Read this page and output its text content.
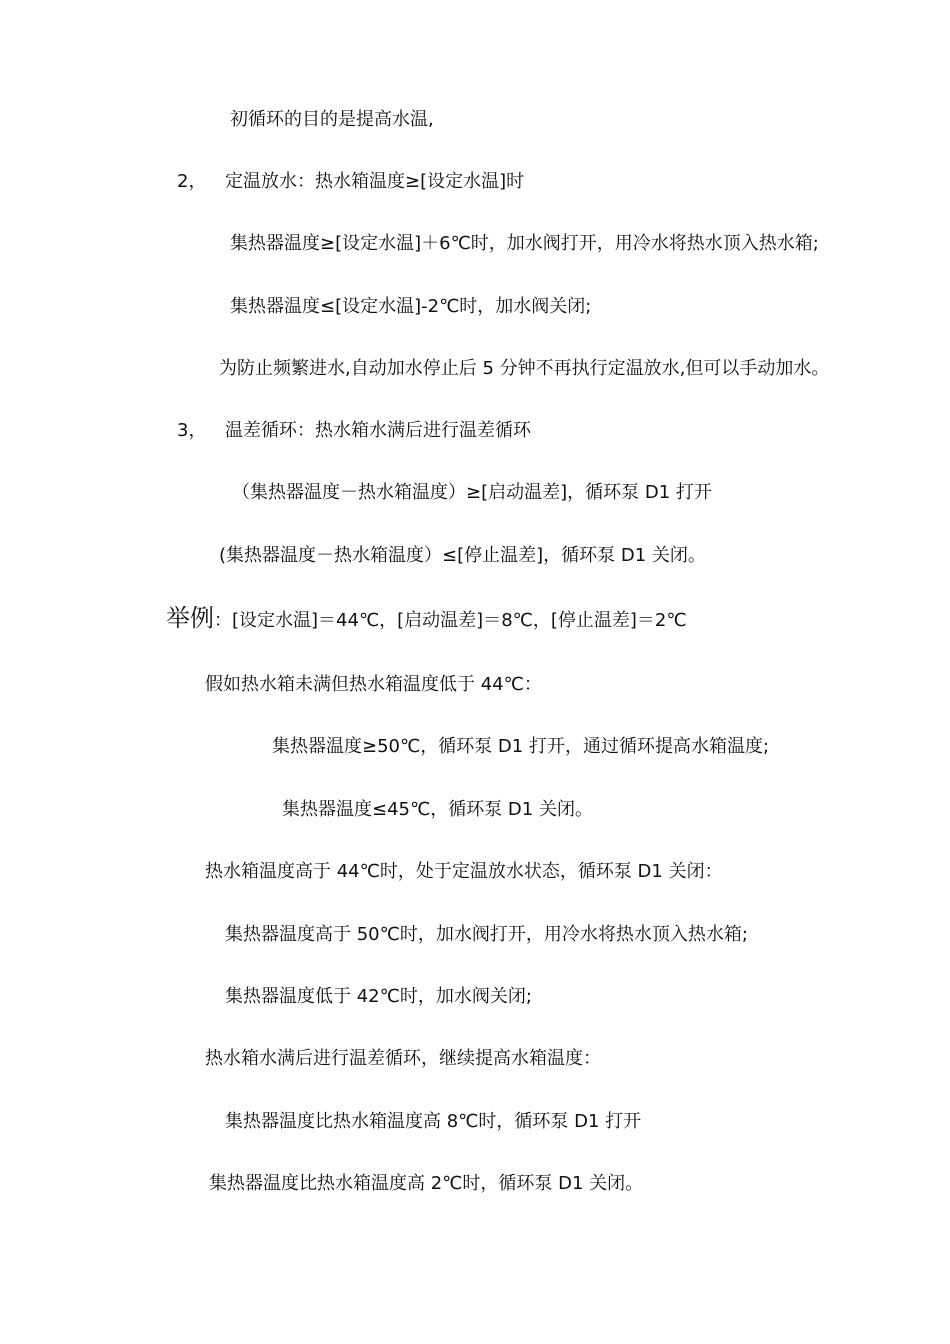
初循环的目的是提高水温,
2， 定温放水：热水箱温度≥[设定水温]时
集热器温度≥[设定水温]＋6℃时，加水阀打开，用冷水将热水顶入热水箱;
集热器温度≤[设定水温]-2℃时，加水阀关闭;
为防止频繁进水,自动加水停止后 5 分钟不再执行定温放水,但可以手动加水。
3， 温差循环：热水箱水满后进行温差循环
（集热器温度－热水箱温度）≥[启动温差]，循环泵 D1 打开
(集热器温度－热水箱温度）≤[停止温差]，循环泵 D1 关闭。
举例：[设定水温]＝44℃，[启动温差]＝8℃，[停止温差]＝2℃
假如热水箱未满但热水箱温度低于 44℃：
集热器温度≥50℃，循环泵 D1 打开，通过循环提高水箱温度;
集热器温度≤45℃，循环泵 D1 关闭。
热水箱温度高于 44℃时，处于定温放水状态，循环泵 D1 关闭：
集热器温度高于 50℃时，加水阀打开，用冷水将热水顶入热水箱;
集热器温度低于 42℃时，加水阀关闭;
热水箱水满后进行温差循环，继续提高水箱温度：
集热器温度比热水箱温度高 8℃时，循环泵 D1 打开
集热器温度比热水箱温度高 2℃时，循环泵 D1 关闭。
